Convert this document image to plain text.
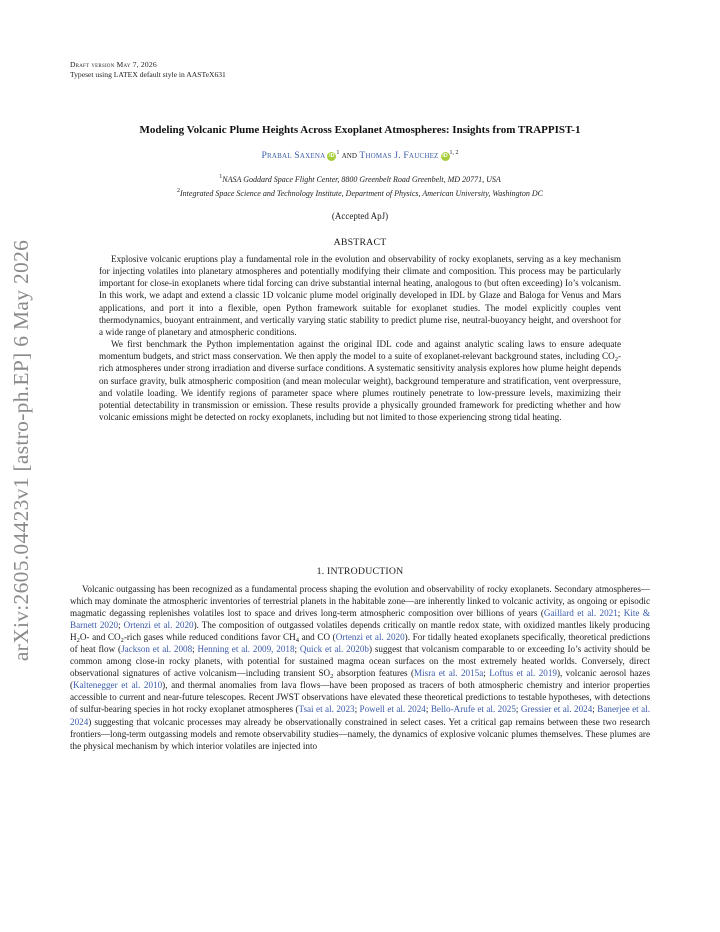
arXiv:2605.04423v1 [astro-ph.EP] 6 May 2026
Draft version May 7, 2026
Typeset using LATEX default style in AASTeX631
Modeling Volcanic Plume Heights Across Exoplanet Atmospheres: Insights from TRAPPIST-1
Prabal Saxena iD $^1$ and Thomas J. Fauchez iD $^{1, 2}$
$^1$NASA Goddard Space Flight Center, 8800 Greenbelt Road Greenbelt, MD 20771, USA
$^2$Integrated Space Science and Technology Institute, Department of Physics, American University, Washington DC
(Accepted ApJ)
ABSTRACT

Explosive volcanic eruptions play a fundamental role in the evolution and observability of rocky exoplanets, serving as a key mechanism for injecting volatiles into planetary atmospheres and potentially modifying their climate and composition. This process may be particularly important for close-in exoplanets where tidal forcing can drive substantial internal heating, analogous to (but often exceeding) Io’s volcanism. In this work, we adapt and extend a classic 1D volcanic plume model originally developed in IDL by Glaze and Baloga for Venus and Mars applications, and port it into a flexible, open Python framework suitable for exoplanet studies. The model explicitly couples vent thermodynamics, buoyant entrainment, and vertically varying static stability to predict plume rise, neutral-buoyancy height, and overshoot for a wide range of planetary and atmospheric conditions.

We first benchmark the Python implementation against the original IDL code and against analytic scaling laws to ensure adequate momentum budgets, and strict mass conservation. We then apply the model to a suite of exoplanet-relevant background states, including $CO_2$-rich atmospheres under strong irradiation and diverse surface conditions. A systematic sensitivity analysis explores how plume height depends on surface gravity, bulk atmospheric composition (and mean molecular weight), background temperature and stratification, vent overpressure, and volatile loading. We identify regions of parameter space where plumes routinely penetrate to low-pressure levels, maximizing their potential detectability in transmission or emission. These results provide a physically grounded framework for predicting whether and how volcanic emissions might be detected on rocky exoplanets, including but not limited to those experiencing strong tidal heating.

1. INTRODUCTION

Volcanic outgassing has been recognized as a fundamental process shaping the evolution and observability of rocky exoplanets. Secondary atmospheres—which may dominate the atmospheric inventories of terrestrial planets in the habitable zone—are inherently linked to volcanic activity, as ongoing or episodic magmatic degassing replenishes volatiles lost to space and drives long-term atmospheric composition over billions of years (Gaillard et al. 2021; Kite & Barnett 2020; Ortenzi et al. 2020). The composition of outgassed volatiles depends critically on mantle redox state, with oxidized mantles likely producing $H_2O-$ and $CO_2$-rich gases while reduced conditions favor $CH_4$ and CO (Ortenzi et al. 2020). For tidally heated exoplanets specifically, theoretical predictions of heat flow (Jackson et al. 2008; Henning et al. 2009, 2018; Quick et al. 2020b) suggest that volcanism comparable to or exceeding Io’s activity should be common among close-in rocky planets, with potential for sustained magma ocean surfaces on the most extremely heated worlds. Conversely, direct observational signatures of active volcanism—including transient $SO_2$ absorption features (Misra et al. 2015a; Loftus et al. 2019), volcanic aerosol hazes (Kaltenegger et al. 2010), and thermal anomalies from lava flows—have been proposed as tracers of both atmospheric chemistry and interior properties accessible to current and near-future telescopes. Recent JWST observations have elevated these theoretical predictions to testable hypotheses, with detections of sulfur-bearing species in hot rocky exoplanet atmospheres (Tsai et al. 2023; Powell et al. 2024; Bello-Arufe et al. 2025; Gressier et al. 2024; Banerjee et al. 2024) suggesting that volcanic processes may already be observationally constrained in select cases. Yet a critical gap remains between these two research frontiers—long-term outgassing models and remote observability studies—namely, the dynamics of explosive volcanic plumes themselves. These plumes are the physical mechanism by which interior volatiles are injected into
